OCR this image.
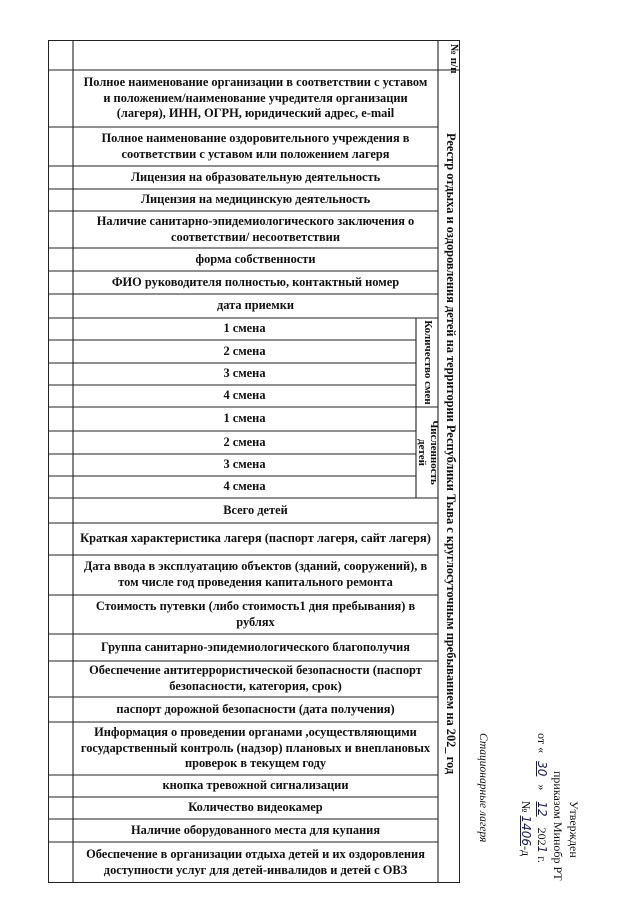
№ п/п
Полное наименование организации в соответствии с уставом и положением/наименование учредителя организации (лагеря), ИНН, ОГРН, юридический адрес, e-mail
Полное наименование оздоровительного учреждения в соответствии с уставом или положением лагеря
Лицензия на образовательную деятельность
Лицензия на медицинскую деятельность
Наличие санитарно-эпидемиологического заключения о соответствии/ несоответствии
форма собственности
ФИО руководителя полностью, контактный номер
дата приемки
1 смена
2 смена
3 смена
4 смена
1 смена
2 смена
3 смена
4 смена
Количество смен
Численность детей
Всего детей
Краткая характеристика лагеря (паспорт лагеря, сайт лагеря)
Дата ввода в эксплуатацию объектов (зданий, сооружений), в том числе год проведения капитального ремонта
Стоимость путевки (либо стоимость1 дня пребывания) в рублях
Группа санитарно-эпидемиологического благополучия
Обеспечение антитеррористической безопасности (паспорт безопасности, категория, срок)
паспорт дорожной безопасности (дата получения)
Информация о проведении органами ,осуществляющими государственный контроль (надзор) плановых и внеплановых проверок в текущем году
кнопка тревожной сигнализации
Количество видеокамер
Наличие оборудованного места для купания
Обеспечение в организации отдыха детей и их оздоровления доступности услуг для детей-инвалидов и детей с ОВЗ
Реестр отдыха и оздоровления детей на территории Республики Тыва с круглосуточным пребыванием на 202_ год
Стационарные лагеря	Утвержден
приказом Минобр РТ
от « 30 » 12 2021 г.
№ 1406-д
